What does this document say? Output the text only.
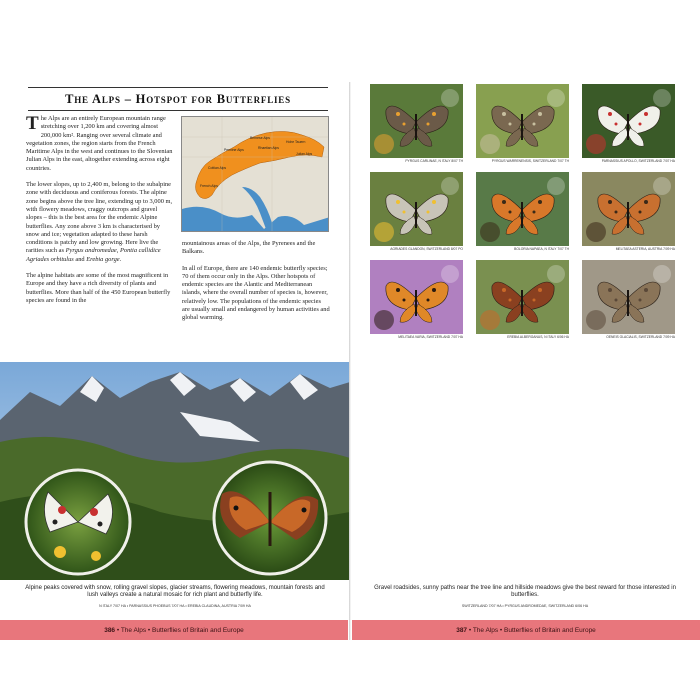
The Alps – Hotspot for Butterflies

The Alps are an entirely European mountain range stretching over 1,200 km and covering almost 200,000 km². Ranging over several climate and vegetation zones, the region starts from the French Maritime Alps in the west and continues to the Slovenian Julian Alps in the east, altogether extending across eight countries.

The lower slopes, up to 2,400 m, belong to the subalpine zone with deciduous and coniferous forests. The alpine zone begins above the tree line, extending up to 3,000 m, with flowery meadows, craggy outcrops and gravel slopes – this is the best area for the endemic Alpine butterflies. Any zone above 3 km is characterised by snow and ice; vegetation adapted to these harsh conditions is patchy and low growing. Here live the rarities such as Pyrgus andromedae, Pontia callidice Agriades orbitulus and Erebia gorge.

The alpine habitats are some of the most magnificent in Europe and they have a rich diversity of plants and butterflies. More than half of the 450 European butterfly species are found in the

Bernese Alps
Pennine Alps	Rhaetian Alps
Hohe Tauern
Julian Alps
Cottian Alps
French Alps

mountainous areas of the Alps, the Pyrenees and the Balkans.

In all of Europe, there are 140 endemic butterfly species; 70 of them occur only in the Alps. Other hotspots of endemic species are the Alantic and Mediterranean islands, where the overall number of species is, however, relatively low. The populations of the endemic species are usually small and endangered by human activities and global warming.

Alpine peaks covered with snow, rolling gravel slopes, glacier streams, flowering meadows, mountain forests and lush valleys create a natural mosaic for rich plant and butterfly life.

N ITALY 7/07 HA • PARNASSIUS PHOEBUS 7/07 HA • EREBIA CLAUDINA, AUSTRIA 7/09 HA

386
• The Alps • Butterflies of Britain and Europe
PYRGUS CARLINAE, N ITALY 8/07 TH	PYRGUS WARRENENSIS, SWITZERLAND 7/07 TH	PARNASSIUS APOLLO, SWITZERLAND 7/07 HA
AGRIADES GLANDON, SWITZERLAND 8/07 PO	BOLORIA NAPAEA, N ITALY 7/07 TH	MELITAEA ASTERIA, AUSTRIA 7/09 HA
MELITAEA VARIA, SWITZERLAND 7/07 HA	EREBIA ALBERGANUS, N ITALY 6/06 HA	OENEIS GLACIALIS, SWITZERLAND 7/09 HA

Gravel roadsides, sunny paths near the tree line and hillside meadows give the best reward for those interested in butterflies.

SWITZERLAND 7/07 HA • PYRGUS ANDROMEDAE, SWITZERLAND 6/06 HA

387
• The Alps • Butterflies of Britain and Europe
